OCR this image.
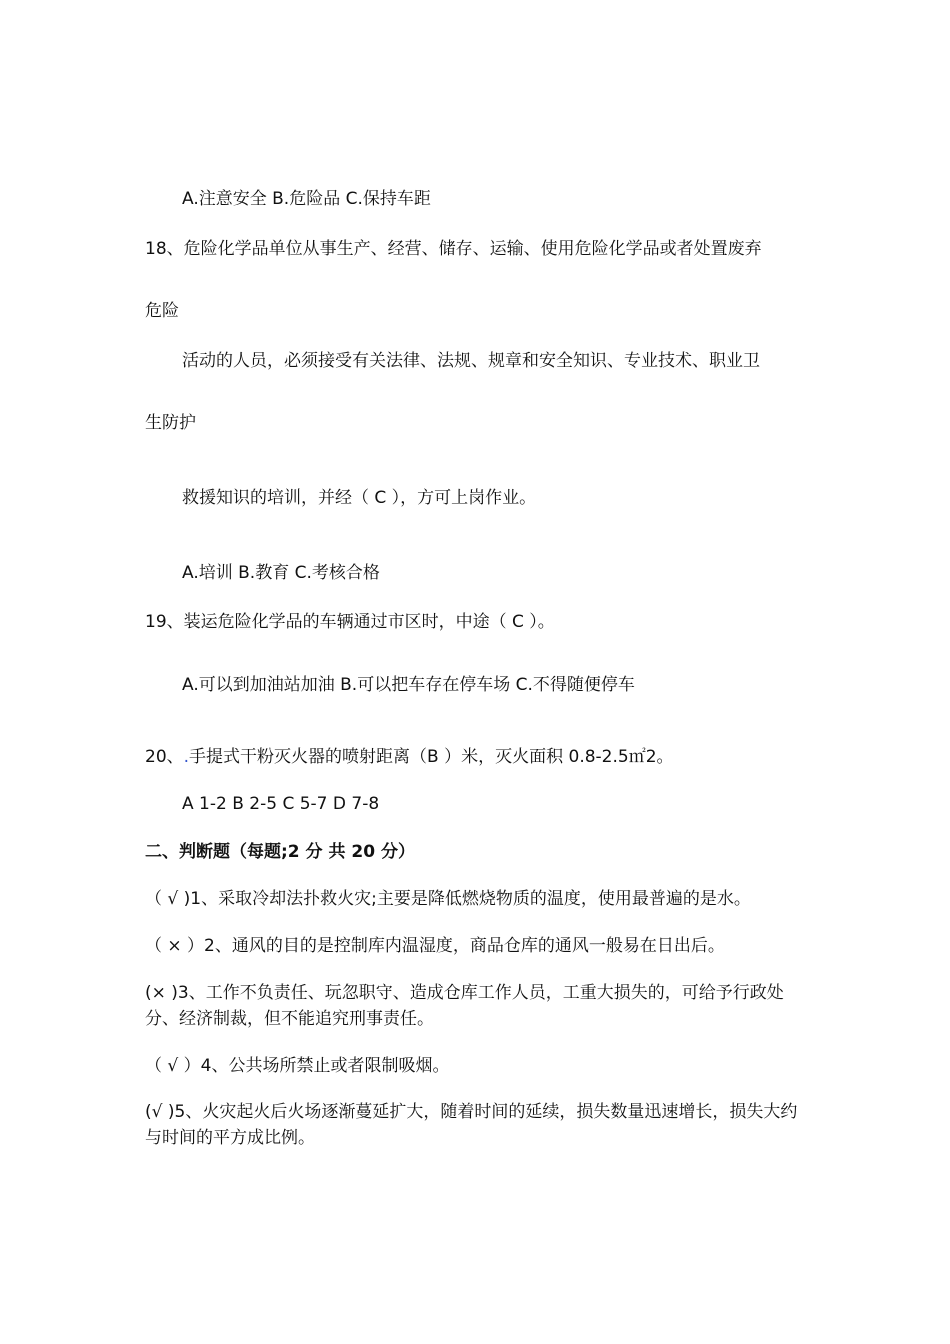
A.注意安全 B.危险品 C.保持车距
18、危险化学品单位从事生产、经营、储存、运输、使用危险化学品或者处置废弃
危险
活动的人员，必须接受有关法律、法规、规章和安全知识、专业技术、职业卫
生防护
救援知识的培训，并经（ C ），方可上岗作业。
A.培训 B.教育 C.考核合格
19、装运危险化学品的车辆通过市区时，中途（ C ）。
A.可以到加油站加油 B.可以把车存在停车场 C.不得随便停车
20、.手提式干粉灭火器的喷射距离（B ）米，灭火面积 0.8-2.5㎡2。
A 1-2 B 2-5 C 5-7 D 7-8
二、判断题（每题;2 分 共 20 分）
（ √ )1、采取冷却法扑救火灾;主要是降低燃烧物质的温度，使用最普遍的是水。
（ × ）2、通风的目的是控制库内温湿度，商品仓库的通风一般易在日出后。
(× )3、工作不负责任、玩忽职守、造成仓库工作人员，工重大损失的，可给予行政处分、经济制裁，但不能追究刑事责任。
（ √ ）4、公共场所禁止或者限制吸烟。
(√ )5、火灾起火后火场逐渐蔓延扩大，随着时间的延续，损失数量迅速增长，损失大约与时间的平方成比例。
